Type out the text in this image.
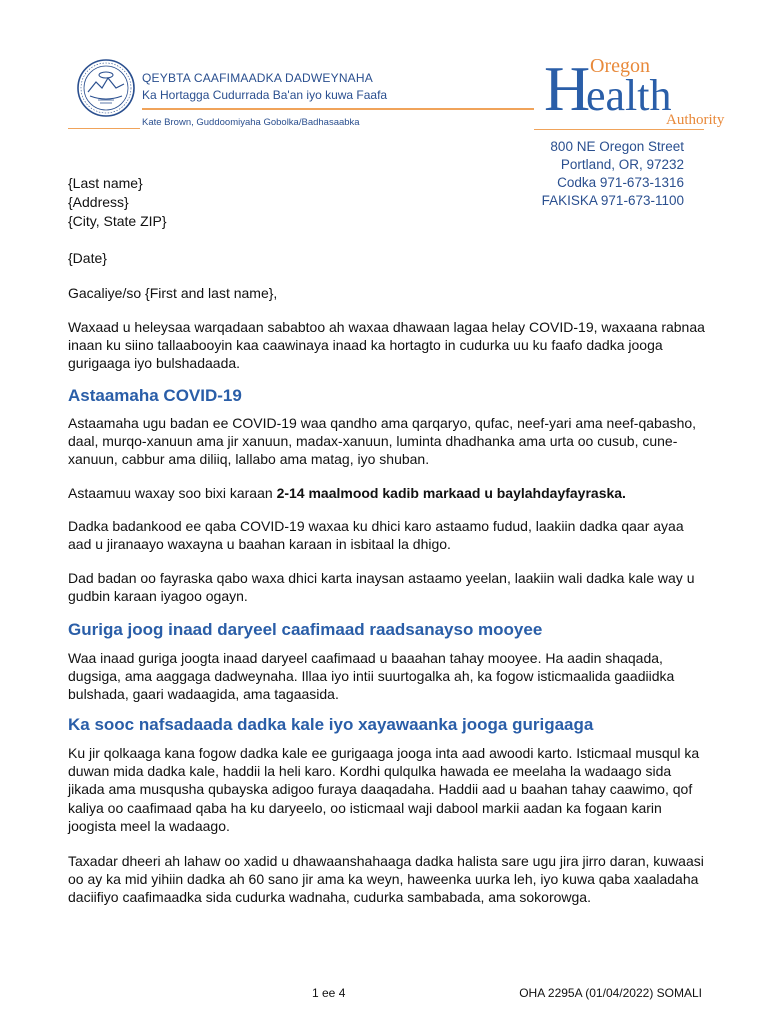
QEYBTA CAAFIMAADKA DADWEYNAHA
Ka Hortagga Cudurrada Ba'an iyo kuwa Faafa
Kate Brown, Guddoomiyaha Gobolka/Badhasaabka	H Oregon
ealth
Authority
800 NE Oregon Street
Portland, OR, 97232
Codka 971-673-1316
FAKISKA 971-673-1100
{Last name}
{Address}
{City, State ZIP}
{Date}
Gacaliye/so {First and last name},

Waxaad u heleysaa warqadaan sababtoo ah waxaa dhawaan lagaa helay COVID-19, waxaana rabnaa inaan ku siino tallaabooyin kaa caawinaya inaad ka hortagto in cudurka uu ku faafo dadka jooga gurigaaga iyo bulshadaada.

Astaamaha COVID-19

Astaamaha ugu badan ee COVID-19 waa qandho ama qarqaryo, qufac, neef-yari ama neef-qabasho, daal, murqo-xanuun ama jir xanuun, madax-xanuun, luminta dhadhanka ama urta oo cusub, cune-xanuun, cabbur ama diliiq, lallabo ama matag, iyo shuban.

Astaamuu waxay soo bixi karaan 2-14 maalmood kadib markaad u baylahdayfayraska.

Dadka badankood ee qaba COVID-19 waxaa ku dhici karo astaamo fudud, laakiin dadka qaar ayaa aad u jiranaayo waxayna u baahan karaan in isbitaal la dhigo.

Dad badan oo fayraska qabo waxa dhici karta inaysan astaamo yeelan, laakiin wali dadka kale way u gudbin karaan iyagoo ogayn.

Guriga joog inaad daryeel caafimaad raadsanayso mooyee

Waa inaad guriga joogta inaad daryeel caafimaad u baaahan tahay mooyee. Ha aadin shaqada, dugsiga, ama aaggaga dadweynaha. Illaa iyo intii suurtogalka ah, ka fogow isticmaalida gaadiidka bulshada, gaari wadaagida, ama tagaasida.

Ka sooc nafsadaada dadka kale iyo xayawaanka jooga gurigaaga

Ku jir qolkaaga kana fogow dadka kale ee gurigaaga jooga inta aad awoodi karto. Isticmaal musqul ka duwan mida dadka kale, haddii la heli karo. Kordhi qulqulka hawada ee meelaha la wadaago sida jikada ama musqusha qubayska adigoo furaya daaqadaha. Haddii aad u baahan tahay caawimo, qof kaliya oo caafimaad qaba ha ku daryeelo, oo isticmaal waji dabool markii aadan ka fogaan karin joogista meel la wadaago.

Taxadar dheeri ah lahaw oo xadid u dhawaanshahaaga dadka halista sare ugu jira jirro daran, kuwaasi oo ay ka mid yihiin dadka ah 60 sano jir ama ka weyn, haweenka uurka leh, iyo kuwa qaba xaaladaha daciifiyo caafimaadka sida cudurka wadnaha, cudurka sambabada, ama sokorowga.

1 ee 4	OHA 2295A (01/04/2022) SOMALI
